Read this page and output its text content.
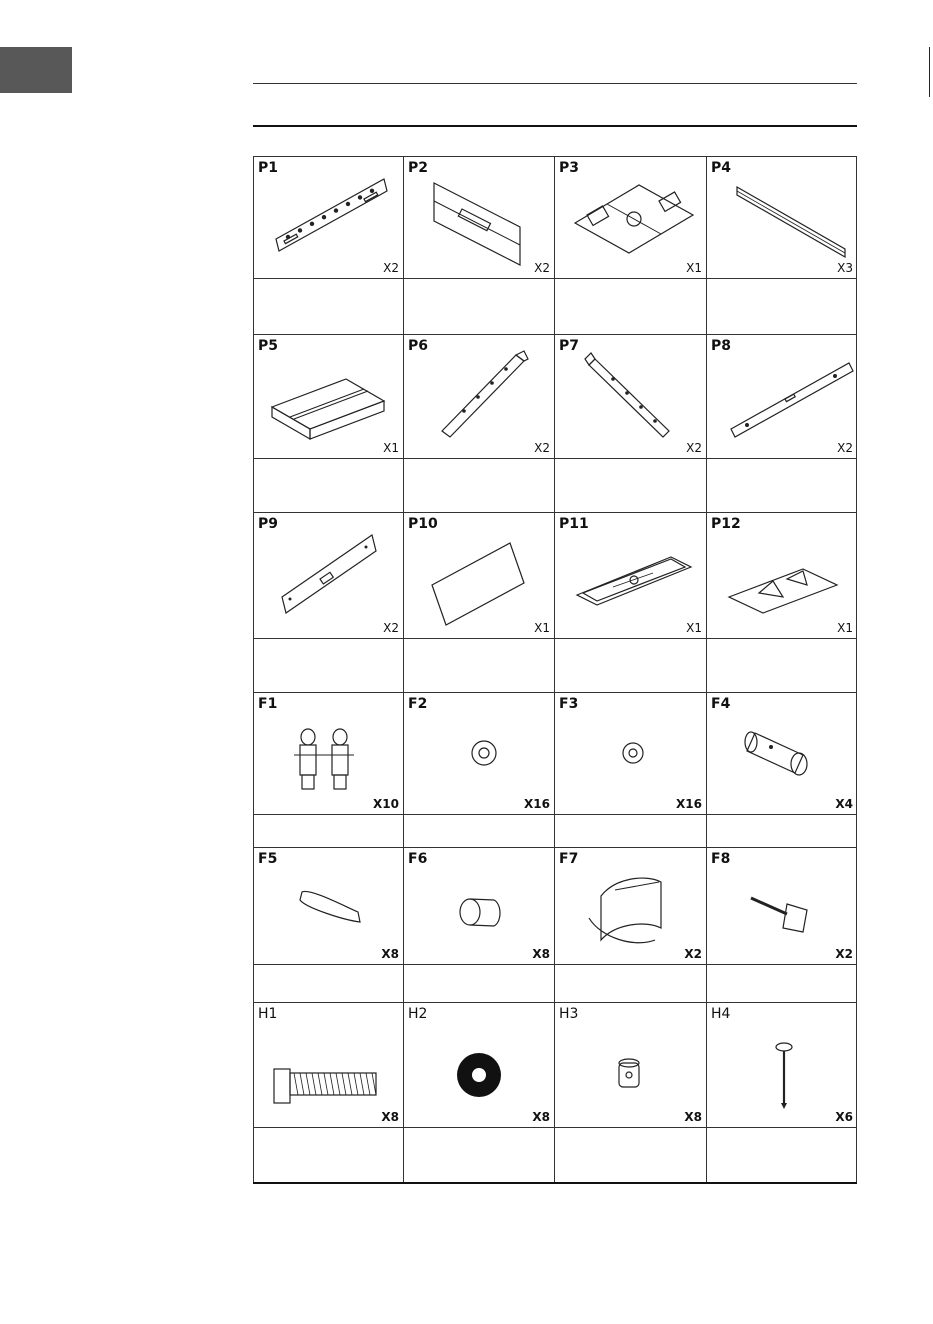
P1
X2
P2
X2
P3
X1
P4
X3
P5
X1
P6
X2
P7
X2
P8
X2
P9
X2
P10
X1
P11
X1
P12
X1
F1
X10
F2
X16
F3
X16
F4
X4
F5
X8
F6
X8
F7
X2
F8
X2
H1
X8
H2
X8
H3
X8
H4
X6
